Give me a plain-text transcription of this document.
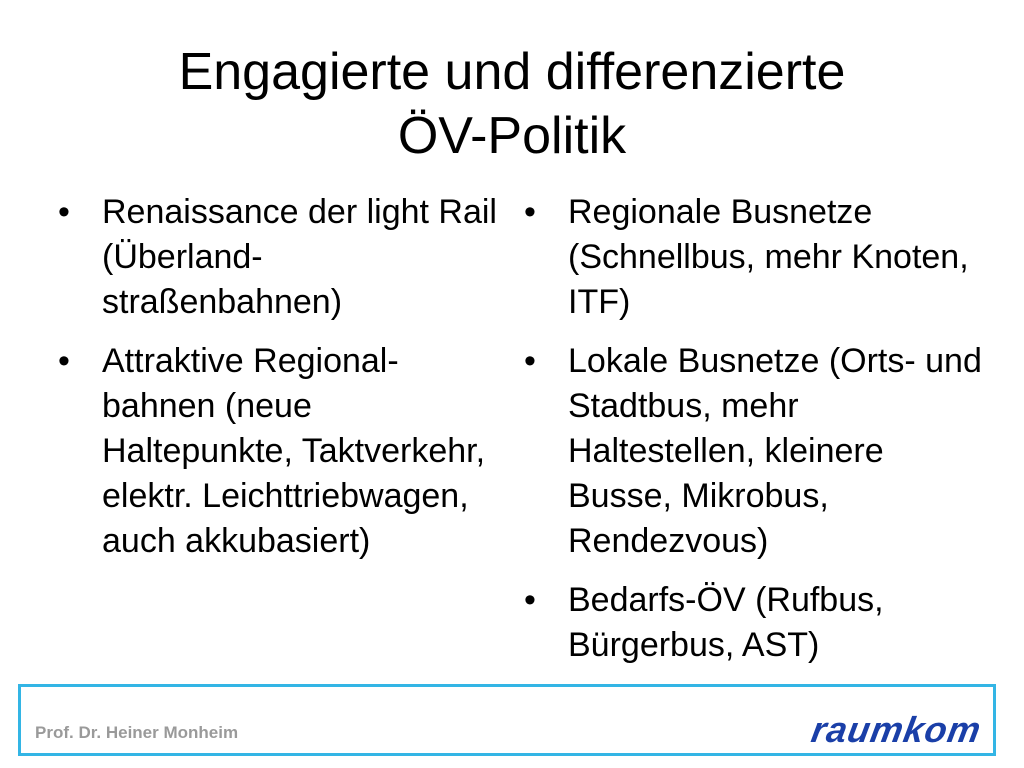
Engagierte und differenzierte
ÖV-Politik
• Renaissance der light Rail (Überland-straßenbahnen)
• Attraktive Regional-bahnen (neue Haltepunkte, Taktverkehr, elektr. Leichttriebwagen, auch akkubasiert)
• Regionale Busnetze (Schnellbus, mehr Knoten, ITF)
• Lokale Busnetze (Orts- und Stadtbus, mehr Haltestellen, kleinere Busse, Mikrobus, Rendezvous)
• Bedarfs-ÖV (Rufbus, Bürgerbus, AST)
Prof. Dr. Heiner Monheim	raumkom
